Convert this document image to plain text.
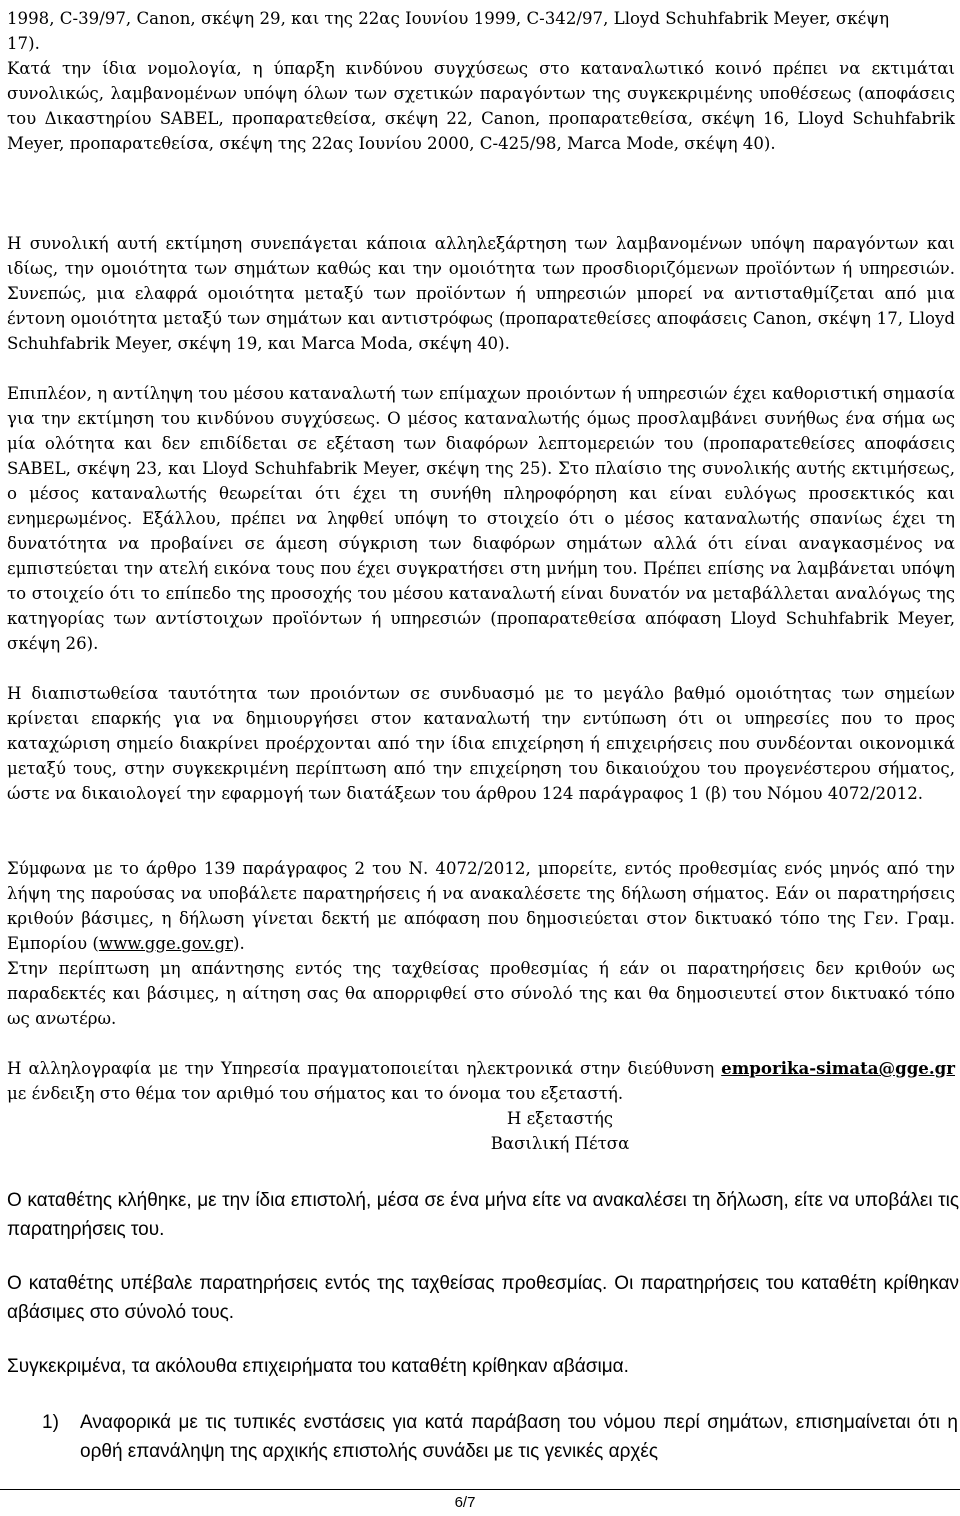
1998, C-39/97, Canon, σκέψη 29, και της 22ας Ιουνίου 1999, C-342/97, Lloyd Schuhfabrik Meyer, σκέψη
17).

Κατά την ίδια νομολογία, η ύπαρξη κινδύνου συγχύσεως στο καταναλωτικό κοινό πρέπει να εκτιμάται συνολικώς, λαμβανομένων υπόψη όλων των σχετικών παραγόντων της συγκεκριμένης υποθέσεως (αποφάσεις του Δικαστηρίου SABEL, προπαρατεθείσα, σκέψη 22, Canon, προπαρατεθείσα, σκέψη 16, Lloyd Schuhfabrik Meyer, προπαρατεθείσα, σκέψη της 22ας Ιουνίου 2000, C-425/98, Marca Mode, σκέψη 40).

Η συνολική αυτή εκτίμηση συνεπάγεται κάποια αλληλεξάρτηση των λαμβανομένων υπόψη παραγόντων και ιδίως, την ομοιότητα των σημάτων καθώς και την ομοιότητα των προσδιοριζόμενων προϊόντων ή υπηρεσιών. Συνεπώς, μια ελαφρά ομοιότητα μεταξύ των προϊόντων ή υπηρεσιών μπορεί να αντισταθμίζεται από μια έντονη ομοιότητα μεταξύ των σημάτων και αντιστρόφως (προπαρατεθείσες αποφάσεις Canon, σκέψη 17, Lloyd Schuhfabrik Meyer, σκέψη 19, και Marca Moda, σκέψη 40).

Επιπλέον, η αντίληψη του μέσου καταναλωτή των επίμαχων προιόντων ή υπηρεσιών έχει καθοριστική σημασία για την εκτίμηση του κινδύνου συγχύσεως. Ο μέσος καταναλωτής όμως προσλαμβάνει συνήθως ένα σήμα ως μία ολότητα και δεν επιδίδεται σε εξέταση των διαφόρων λεπτομερειών του (προπαρατεθείσες αποφάσεις SABEL, σκέψη 23, και Lloyd Schuhfabrik Meyer, σκέψη της 25). Στο πλαίσιο της συνολικής αυτής εκτιμήσεως, ο μέσος καταναλωτής θεωρείται ότι έχει τη συνήθη πληροφόρηση και είναι ευλόγως προσεκτικός και ενημερωμένος. Εξάλλου, πρέπει να ληφθεί υπόψη το στοιχείο ότι ο μέσος καταναλωτής σπανίως έχει τη δυνατότητα να προβαίνει σε άμεση σύγκριση των διαφόρων σημάτων αλλά ότι είναι αναγκασμένος να εμπιστεύεται την ατελή εικόνα τους που έχει συγκρατήσει στη μνήμη του. Πρέπει επίσης να λαμβάνεται υπόψη το στοιχείο ότι το επίπεδο της προσοχής του μέσου καταναλωτή είναι δυνατόν να μεταβάλλεται αναλόγως της κατηγορίας των αντίστοιχων προϊόντων ή υπηρεσιών (προπαρατεθείσα απόφαση Lloyd Schuhfabrik Meyer, σκέψη 26).

Η διαπιστωθείσα ταυτότητα των προιόντων σε συνδυασμό με το μεγάλο βαθμό ομοιότητας των σημείων κρίνεται επαρκής για να δημιουργήσει στον καταναλωτή την εντύπωση ότι οι υπηρεσίες που το προς καταχώριση σημείο διακρίνει προέρχονται από την ίδια επιχείρηση ή επιχειρήσεις που συνδέονται οικονομικά μεταξύ τους, στην συγκεκριμένη περίπτωση από την επιχείρηση του δικαιούχου του προγενέστερου σήματος, ώστε να δικαιολογεί την εφαρμογή των διατάξεων του άρθρου 124 παράγραφος 1 (β) του Νόμου 4072/2012.

Σύμφωνα με το άρθρο 139 παράγραφος 2 του Ν. 4072/2012, μπορείτε, εντός προθεσμίας ενός μηνός από την λήψη της παρούσας να υποβάλετε παρατηρήσεις ή να ανακαλέσετε της δήλωση σήματος. Εάν οι παρατηρήσεις κριθούν βάσιμες, η δήλωση γίνεται δεκτή με απόφαση που δημοσιεύεται στον δικτυακό τόπο της Γεν. Γραμ. Εμπορίου (www.gge.gov.gr).

Στην περίπτωση μη απάντησης εντός της ταχθείσας προθεσμίας ή εάν οι παρατηρήσεις δεν κριθούν ως παραδεκτές και βάσιμες, η αίτηση σας θα απορριφθεί στο σύνολό της και θα δημοσιευτεί στον δικτυακό τόπο ως ανωτέρω.

Η αλληλογραφία με την Υπηρεσία πραγματοποιείται ηλεκτρονικά στην διεύθυνση emporika-simata@gge.gr με ένδειξη στο θέμα τον αριθμό του σήματος και το όνομα του εξεταστή.

Η εξεταστής
Βασιλική Πέτσα

Ο καταθέτης κλήθηκε, με την ίδια επιστολή, μέσα σε ένα μήνα είτε να ανακαλέσει τη δήλωση, είτε να υποβάλει τις παρατηρήσεις του.

Ο καταθέτης υπέβαλε παρατηρήσεις εντός της ταχθείσας προθεσμίας. Οι παρατηρήσεις του καταθέτη κρίθηκαν αβάσιμες στο σύνολό τους.

Συγκεκριμένα, τα ακόλουθα επιχειρήματα του καταθέτη κρίθηκαν αβάσιμα.

1) Αναφορικά με τις τυπικές ενστάσεις για κατά παράβαση του νόμου περί σημάτων, επισημαίνεται ότι η ορθή επανάληψη της αρχικής επιστολής συνάδει με τις γενικές αρχές
6/7
